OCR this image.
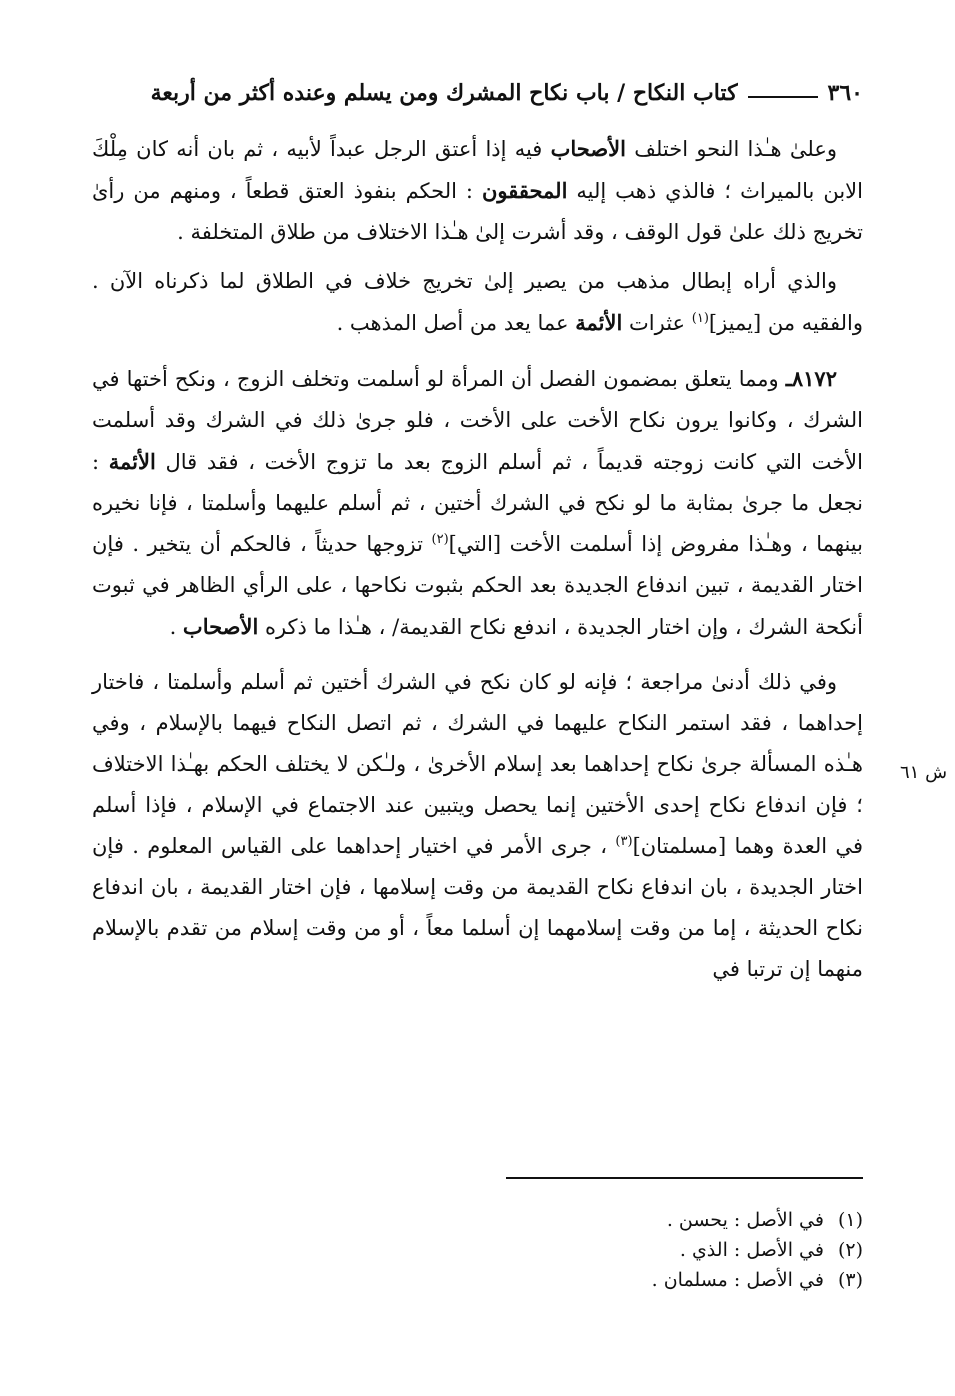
٣٦٠
كتاب النكاح / باب نكاح المشرك ومن يسلم وعنده أكثر من أربعة

وعلىٰ هـٰذا النحو اختلف الأصحاب فيه إذا أعتق الرجل عبداً لأبيه ، ثم بان أنه كان مِلْكَ الابن بالميراث ؛ فالذي ذهب إليه المحققون : الحكم بنفوذ العتق قطعاً ، ومنهم من رأىٰ تخريج ذلك علىٰ قول الوقف ، وقد أشرت إلىٰ هـٰذا الاختلاف من طلاق المتخلفة .

والذي أراه إبطال مذهب من يصير إلىٰ تخريج خلاف في الطلاق لما ذكرناه الآن . والفقيه من [يميز]$^{(١)}$ عثرات الأئمة عما يعد من أصل المذهب .

٨١٧٢ـ ومما يتعلق بمضمون الفصل أن المرأة لو أسلمت وتخلف الزوج ، ونكح أختها في الشرك ، وكانوا يرون نكاح الأخت على الأخت ، فلو جرىٰ ذلك في الشرك وقد أسلمت الأخت التي كانت زوجته قديماً ، ثم أسلم الزوج بعد ما تزوج الأخت ، فقد قال الأئمة : نجعل ما جرىٰ بمثابة ما لو نكح في الشرك أختين ، ثم أسلم عليهما وأسلمتا ، فإنا نخيره بينهما ، وهـٰذا مفروض إذا أسلمت الأخت [التي]$^{(٢)}$ تزوجها حديثاً ، فالحكم أن يتخير . فإن اختار القديمة ، تبين اندفاع الجديدة بعد الحكم بثبوت نكاحها ، على الرأي الظاهر في ثبوت أنكحة الشرك ، وإن اختار الجديدة ، اندفع نكاح القديمة/ ، هـٰذا ما ذكره الأصحاب .

وفي ذلك أدنىٰ مراجعة ؛ فإنه لو كان نكح في الشرك أختين ثم أسلم وأسلمتا ، فاختار إحداهما ، فقد استمر النكاح عليهما في الشرك ، ثم اتصل النكاح فيهما بالإسلام ، وفي هـٰذه المسألة جرىٰ نكاح إحداهما بعد إسلام الأخرىٰ ، ولـٰكن لا يختلف الحكم بهـٰذا الاختلاف ؛ فإن اندفاع نكاح إحدى الأختين إنما يحصل ويتبين عند الاجتماع في الإسلام ، فإذا أسلم في العدة وهما [مسلمتان]$^{(٣)}$ ، جرى الأمر في اختيار إحداهما على القياس المعلوم . فإن اختار الجديدة ، بان اندفاع نكاح القديمة من وقت إسلامها ، فإن اختار القديمة ، بان اندفاع نكاح الحديثة ، إما من وقت إسلامهما إن أسلما معاً ، أو من وقت إسلام من تقدم بالإسلام منهما إن ترتبا في

ش ٦١
(١)
في الأصل : يحسن .
(٢)
في الأصل : الذي .
(٣)
في الأصل : مسلمان .
